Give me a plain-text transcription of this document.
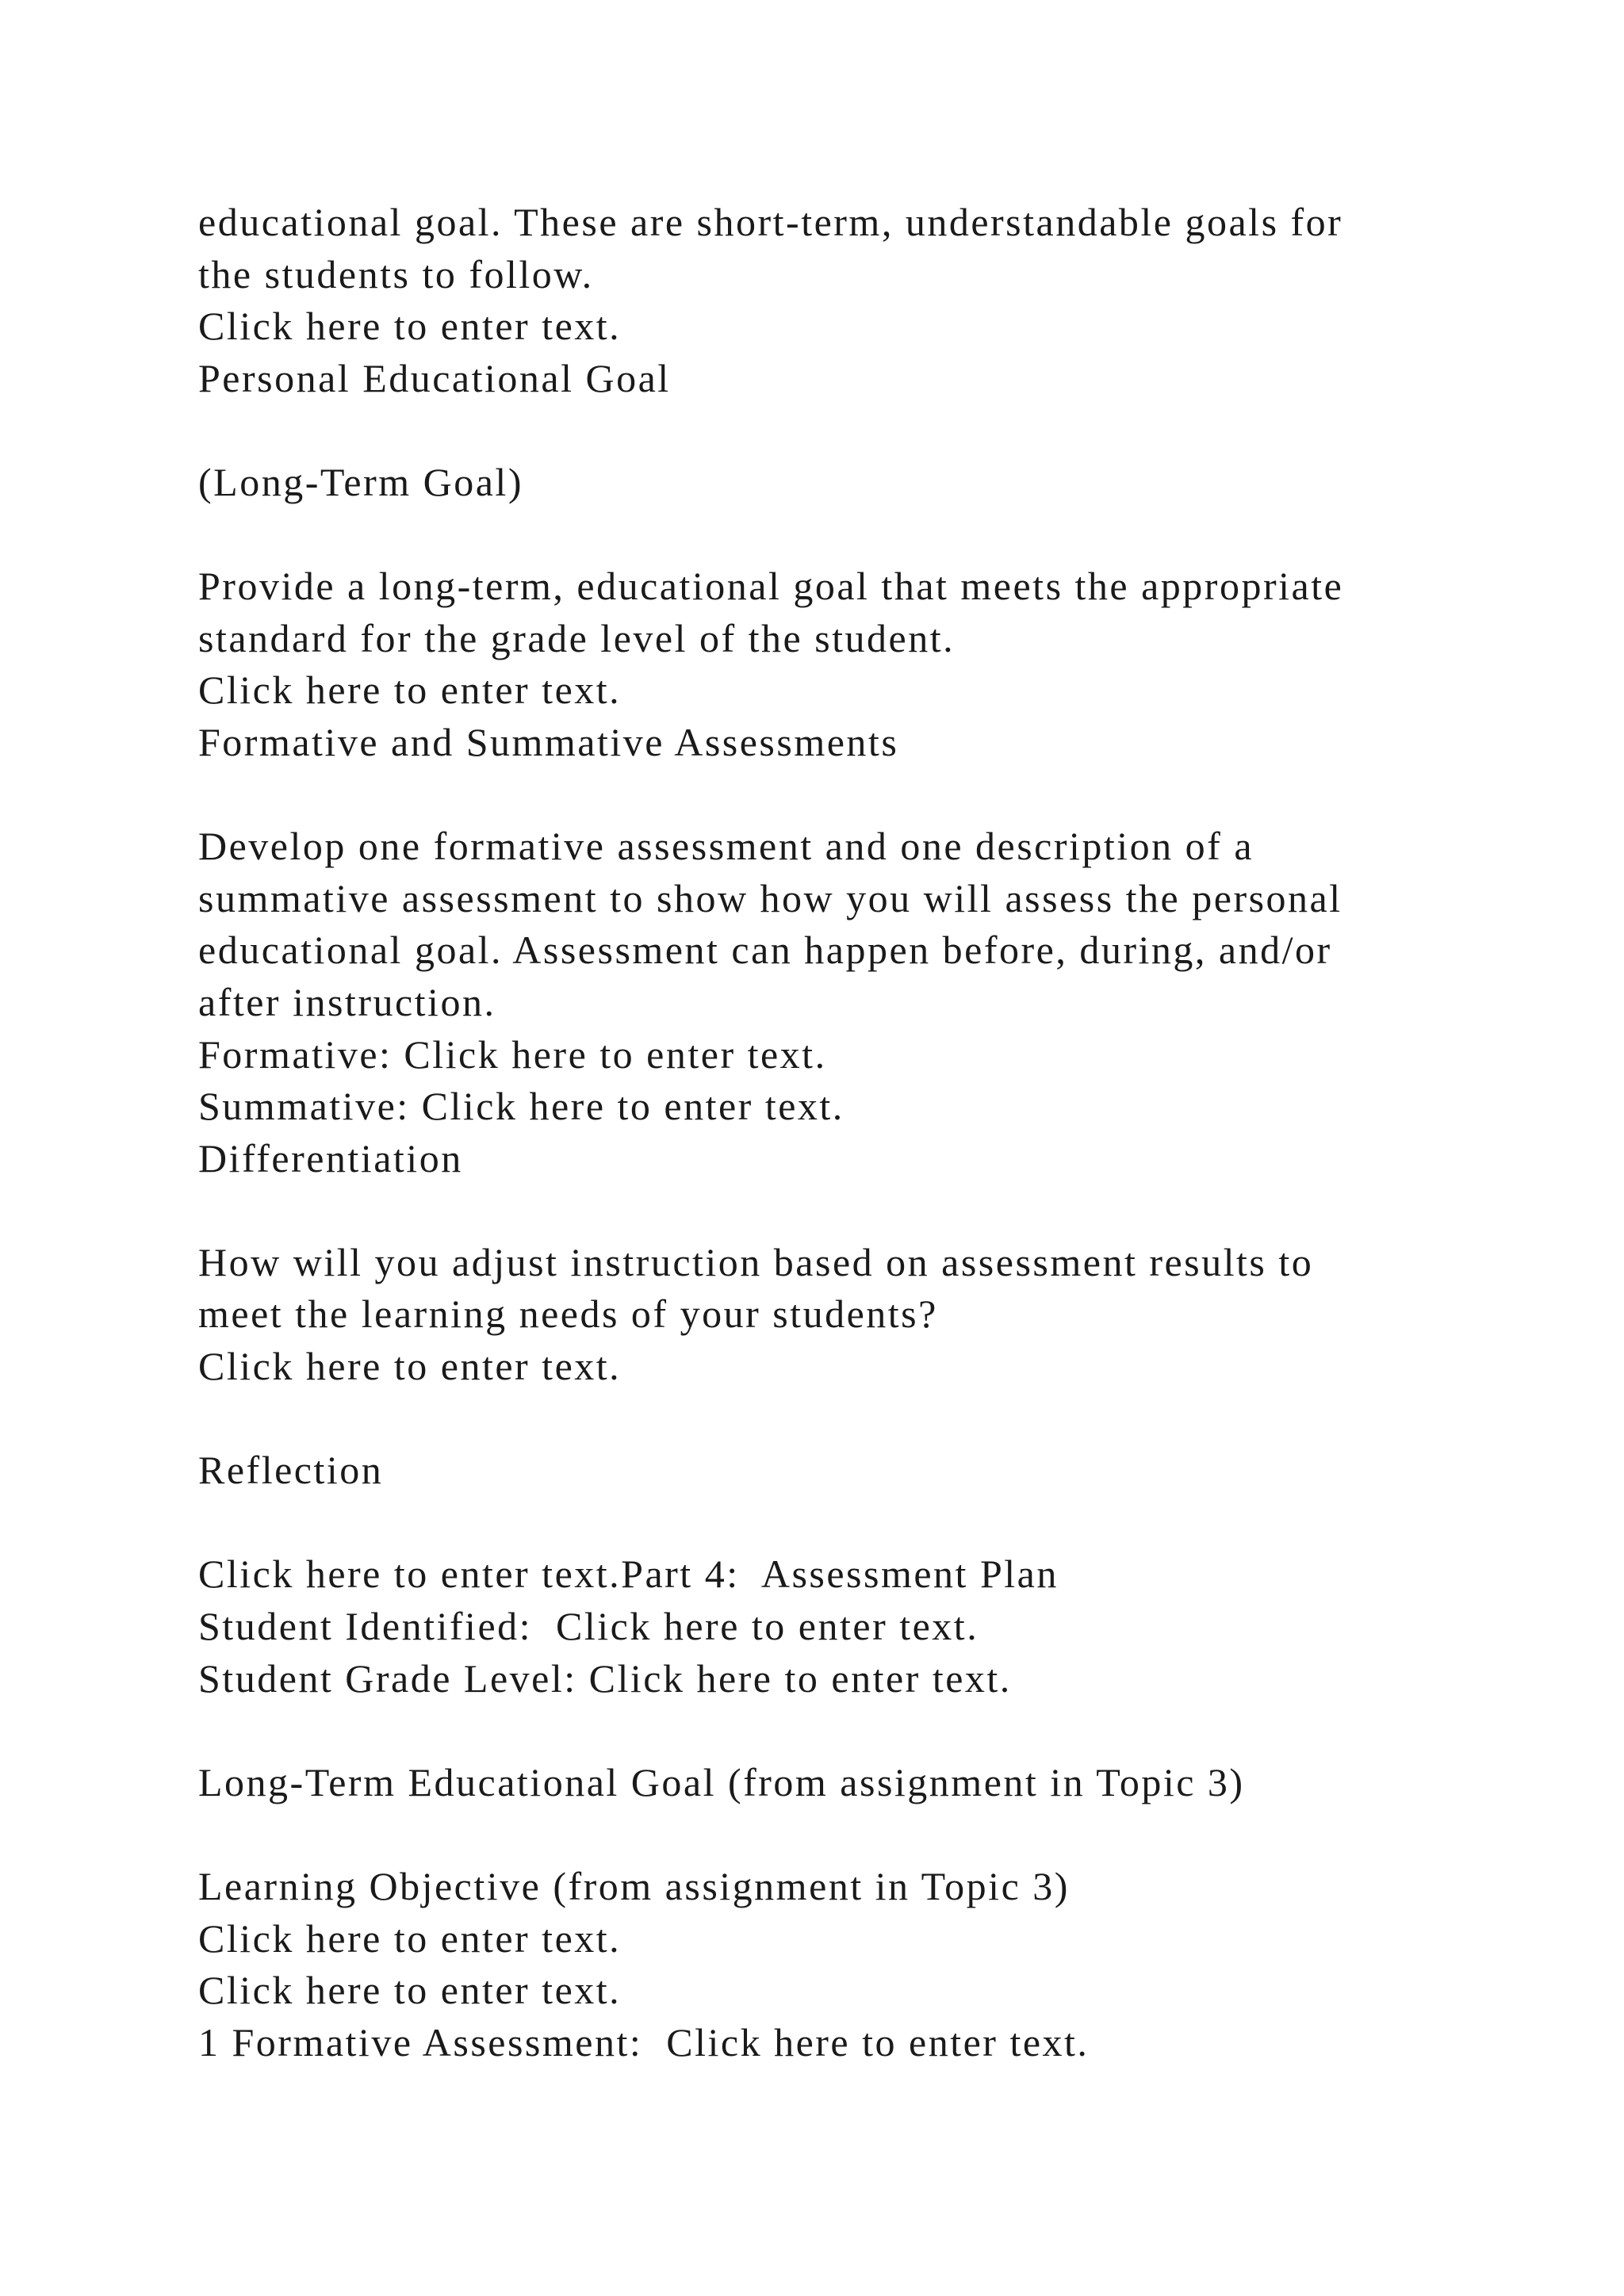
educational goal. These are short-term, understandable goals for
the students to follow.
Click here to enter text.
Personal Educational Goal
(Long-Term Goal)
Provide a long-term, educational goal that meets the appropriate
standard for the grade level of the student.
Click here to enter text.
Formative and Summative Assessments
Develop one formative assessment and one description of a
summative assessment to show how you will assess the personal
educational goal. Assessment can happen before, during, and/or
after instruction.
Formative: Click here to enter text.
Summative: Click here to enter text.
Differentiation
How will you adjust instruction based on assessment results to
meet the learning needs of your students?
Click here to enter text.
Reflection
Click here to enter text.Part 4:  Assessment Plan
Student Identified:  Click here to enter text.
Student Grade Level: Click here to enter text.
Long-Term Educational Goal (from assignment in Topic 3)
Learning Objective (from assignment in Topic 3)
Click here to enter text.
Click here to enter text.
1 Formative Assessment:  Click here to enter text.
